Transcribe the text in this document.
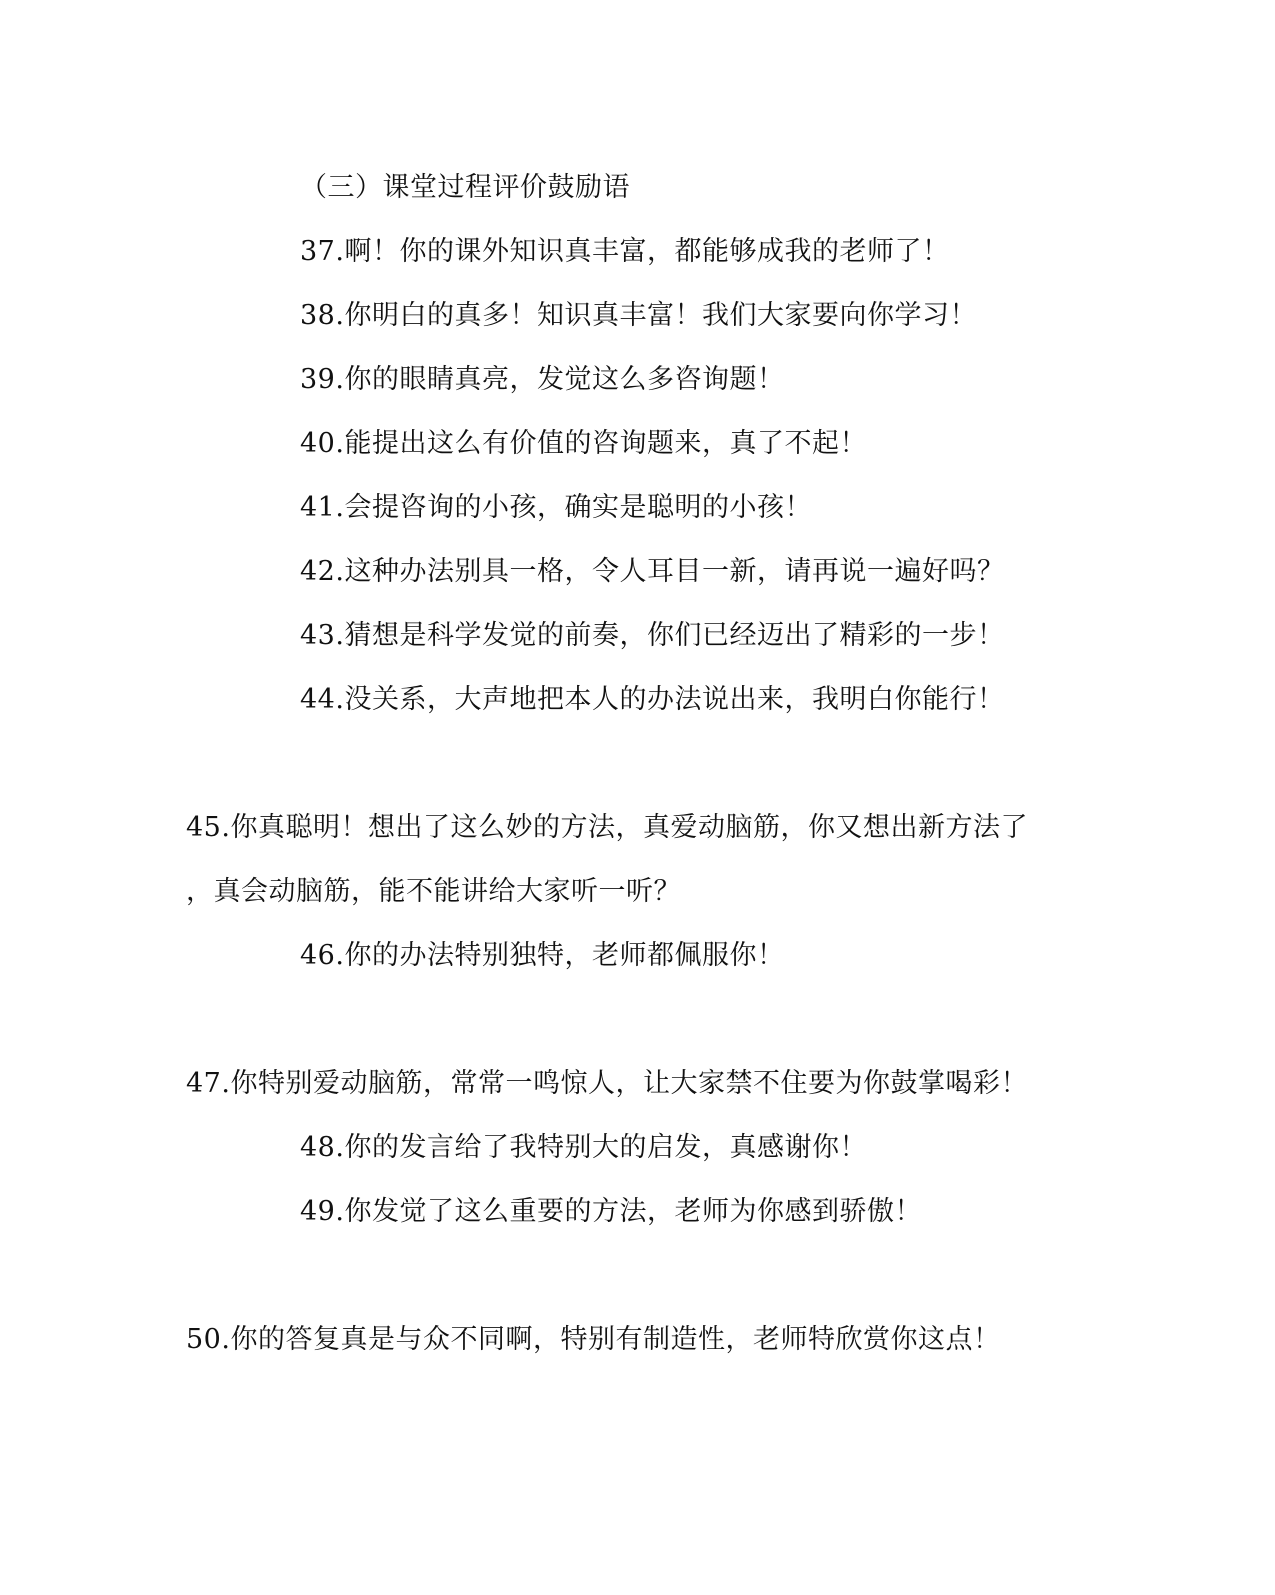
（三）课堂过程评价鼓励语
37.啊！你的课外知识真丰富，都能够成我的老师了！
38.你明白的真多！知识真丰富！我们大家要向你学习！
39.你的眼睛真亮，发觉这么多咨询题！
40.能提出这么有价值的咨询题来，真了不起！
41.会提咨询的小孩，确实是聪明的小孩！
42.这种办法别具一格，令人耳目一新，请再说一遍好吗？
43.猜想是科学发觉的前奏，你们已经迈出了精彩的一步！
44.没关系，大声地把本人的办法说出来，我明白你能行！
45.你真聪明！想出了这么妙的方法，真爱动脑筋，你又想出新方法了
，真会动脑筋，能不能讲给大家听一听？
46.你的办法特别独特，老师都佩服你！
47.你特别爱动脑筋，常常一鸣惊人，让大家禁不住要为你鼓掌喝彩！
48.你的发言给了我特别大的启发，真感谢你！
49.你发觉了这么重要的方法，老师为你感到骄傲！
50.你的答复真是与众不同啊，特别有制造性，老师特欣赏你这点！
